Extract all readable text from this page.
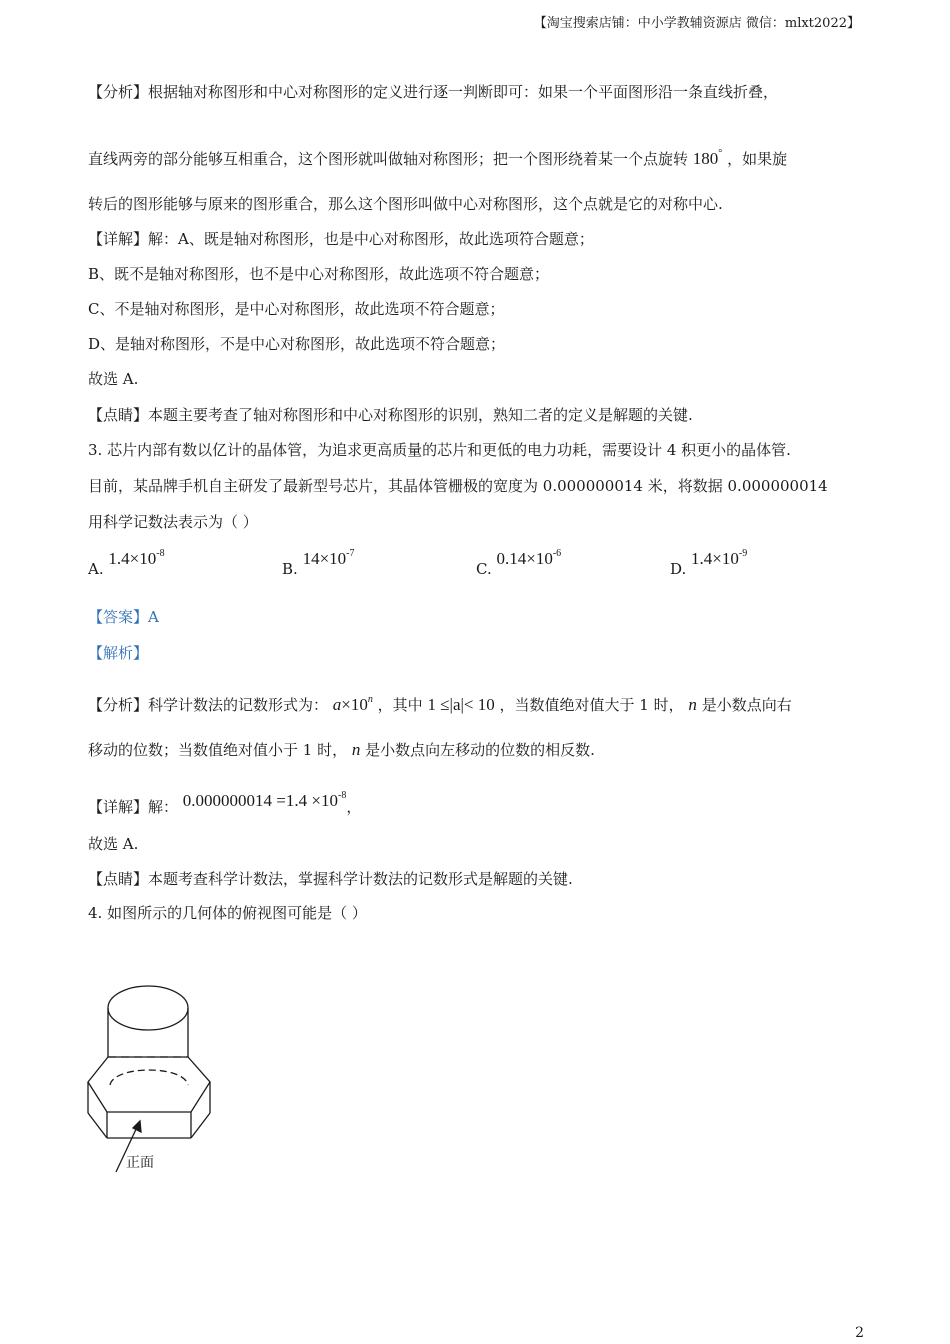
【淘宝搜索店铺：中小学教辅资源店 微信：mlxt2022】
【分析】根据轴对称图形和中心对称图形的定义进行逐一判断即可：如果一个平面图形沿一条直线折叠，
直线两旁的部分能够互相重合，这个图形就叫做轴对称图形；把一个图形绕着某一个点旋转 180° ，如果旋
转后的图形能够与原来的图形重合，那么这个图形叫做中心对称图形，这个点就是它的对称中心.
【详解】解：A、既是轴对称图形，也是中心对称图形，故此选项符合题意；
B、既不是轴对称图形，也不是中心对称图形，故此选项不符合题意；
C、不是轴对称图形，是中心对称图形，故此选项不符合题意；
D、是轴对称图形，不是中心对称图形，故此选项不符合题意；
故选 A.
【点睛】本题主要考查了轴对称图形和中心对称图形的识别，熟知二者的定义是解题的关键.
3. 芯片内部有数以亿计的晶体管，为追求更高质量的芯片和更低的电力功耗，需要设计 4 积更小的晶体管.
目前，某品牌手机自主研发了最新型号芯片，其晶体管栅极的宽度为 0.000000014 米，将数据 0.000000014
用科学记数法表示为（ ）
A. $1.4\times 10^{-8}$
B. $14\times 10^{-7}$
C. $0.14\times 10^{-6}$
D. $1.4\times 10^{-9}$
【答案】A
【解析】
【分析】科学计数法的记数形式为： $a\times 10^n$ ，其中 1 ≤|a|< 10 ，当数值绝对值大于 1 时， n 是小数点向右
移动的位数；当数值绝对值小于 1 时， n 是小数点向左移动的位数的相反数.
【详解】解： $0.000000014 =1.4 \times 10^{-8}$，
故选 A.
【点睛】本题考查科学计数法，掌握科学计数法的记数形式是解题的关键.
4. 如图所示的几何体的俯视图可能是（ ）
正面
2
